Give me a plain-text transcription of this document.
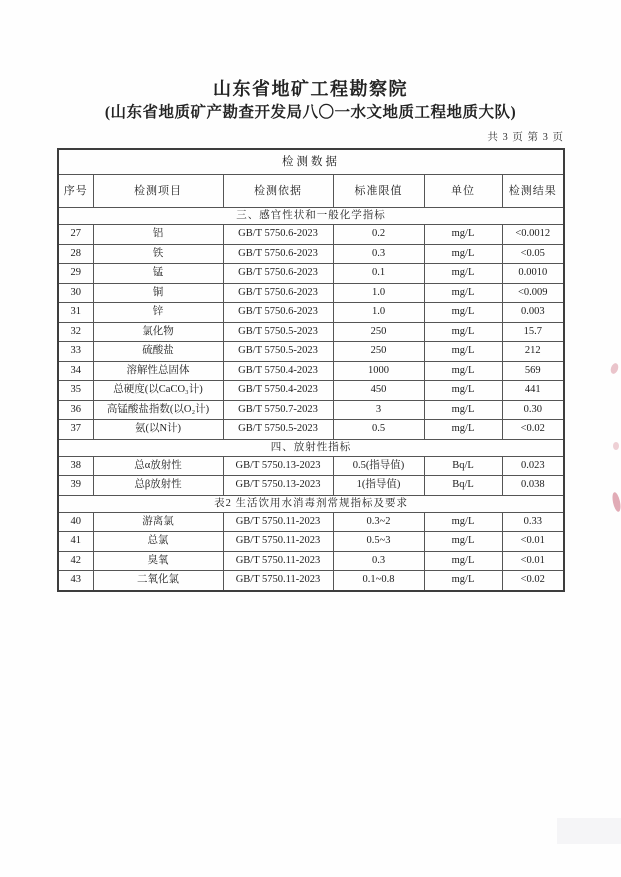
山东省地矿工程勘察院
(山东省地质矿产勘查开发局八〇一水文地质工程地质大队)
共 3 页 第 3 页
检测数据					
序号	检测项目	检测依据	标准限值	单位	检测结果
三、感官性状和一般化学指标					
27	铝	GB/T 5750.6-2023	0.2	mg/L	<0.0012
28	铁	GB/T 5750.6-2023	0.3	mg/L	<0.05
29	锰	GB/T 5750.6-2023	0.1	mg/L	0.0010
30	铜	GB/T 5750.6-2023	1.0	mg/L	<0.009
31	锌	GB/T 5750.6-2023	1.0	mg/L	0.003
32	氯化物	GB/T 5750.5-2023	250	mg/L	15.7
33	硫酸盐	GB/T 5750.5-2023	250	mg/L	212
34	溶解性总固体	GB/T 5750.4-2023	1000	mg/L	569
35	总硬度(以CaCO₃计)	GB/T 5750.4-2023	450	mg/L	441
36	高锰酸盐指数(以O₂计)	GB/T 5750.7-2023	3	mg/L	0.30
37	氨(以N计)	GB/T 5750.5-2023	0.5	mg/L	<0.02
四、放射性指标					
38	总α放射性	GB/T 5750.13-2023	0.5(指导值)	Bq/L	0.023
39	总β放射性	GB/T 5750.13-2023	1(指导值)	Bq/L	0.038
表2 生活饮用水消毒剂常规指标及要求					
40	游离氯	GB/T 5750.11-2023	0.3~2	mg/L	0.33
41	总氯	GB/T 5750.11-2023	0.5~3	mg/L	<0.01
42	臭氧	GB/T 5750.11-2023	0.3	mg/L	<0.01
43	二氧化氯	GB/T 5750.11-2023	0.1~0.8	mg/L	<0.02
